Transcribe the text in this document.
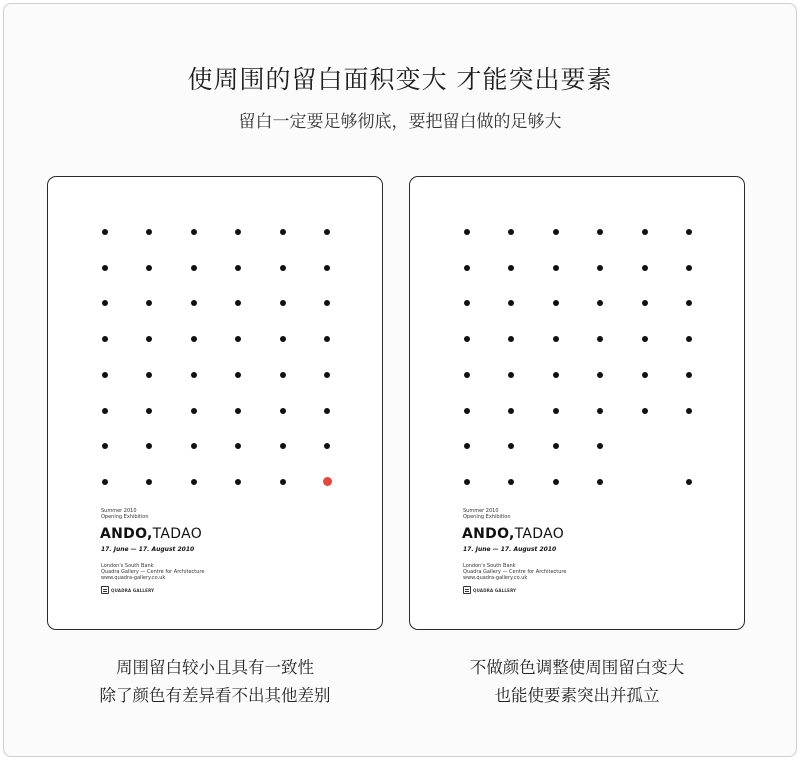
使周围的留白面积变大 才能突出要素
留白一定要足够彻底，要把留白做的足够大
Summer 2010
Opening Exhibition
ANDO,TADAO
17. June — 17. August 2010
London's South Bank
Quadra Gallery — Centre for Architecture
www.quadra-gallery.co.uk
QUADRA GALLERY
Summer 2010
Opening Exhibition
ANDO,TADAO
17. June — 17. August 2010
London's South Bank
Quadra Gallery — Centre for Architecture
www.quadra-gallery.co.uk
QUADRA GALLERY
周围留白较小且具有一致性
除了颜色有差异看不出其他差别
不做颜色调整使周围留白变大
也能使要素突出并孤立
